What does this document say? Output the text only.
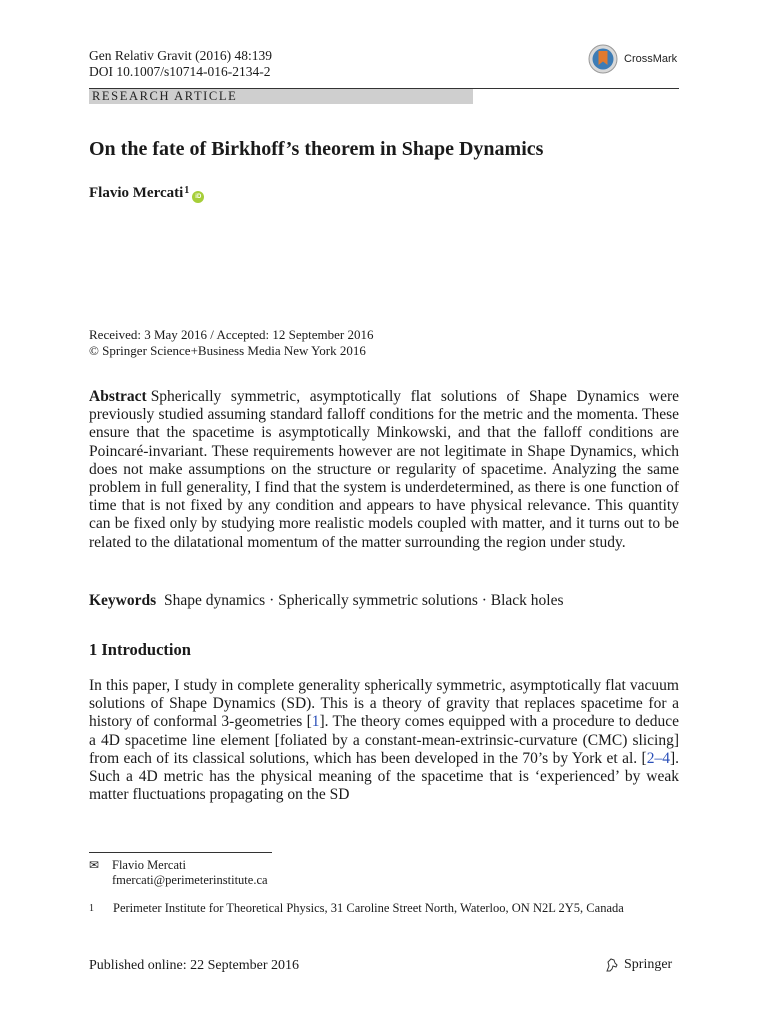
Gen Relativ Gravit (2016) 48:139
DOI 10.1007/s10714-016-2134-2
CrossMark
RESEARCH ARTICLE
On the fate of Birkhoff’s theorem in Shape Dynamics
Flavio Mercati$^1$
iD
Received: 3 May 2016 / Accepted: 12 September 2016
© Springer Science+Business Media New York 2016
Abstract Spherically symmetric, asymptotically flat solutions of Shape Dynamics were previously studied assuming standard falloff conditions for the metric and the momenta. These ensure that the spacetime is asymptotically Minkowski, and that the falloff conditions are Poincaré-invariant. These requirements however are not legitimate in Shape Dynamics, which does not make assumptions on the structure or regularity of spacetime. Analyzing the same problem in full generality, I find that the system is underdetermined, as there is one function of time that is not fixed by any condition and appears to have physical relevance. This quantity can be fixed only by studying more realistic models coupled with matter, and it turns out to be related to the dilatational momentum of the matter surrounding the region under study.
Keywords Shape dynamics · Spherically symmetric solutions · Black holes
1 Introduction
In this paper, I study in complete generality spherically symmetric, asymptotically flat vacuum solutions of Shape Dynamics (SD). This is a theory of gravity that replaces spacetime for a history of conformal 3-geometries [1]. The theory comes equipped with a procedure to deduce a 4D spacetime line element [foliated by a constant-mean-extrinsic-curvature (CMC) slicing] from each of its classical solutions, which has been developed in the 70’s by York et al. [2–4]. Such a 4D metric has the physical meaning of the spacetime that is ‘experienced’ by weak matter fluctuations propagating on the SD
✉ Flavio Mercati
fmercati@perimeterinstitute.ca
1	Perimeter Institute for Theoretical Physics, 31 Caroline Street North, Waterloo, ON N2L 2Y5, Canada
Published online: 22 September 2016	Springer
